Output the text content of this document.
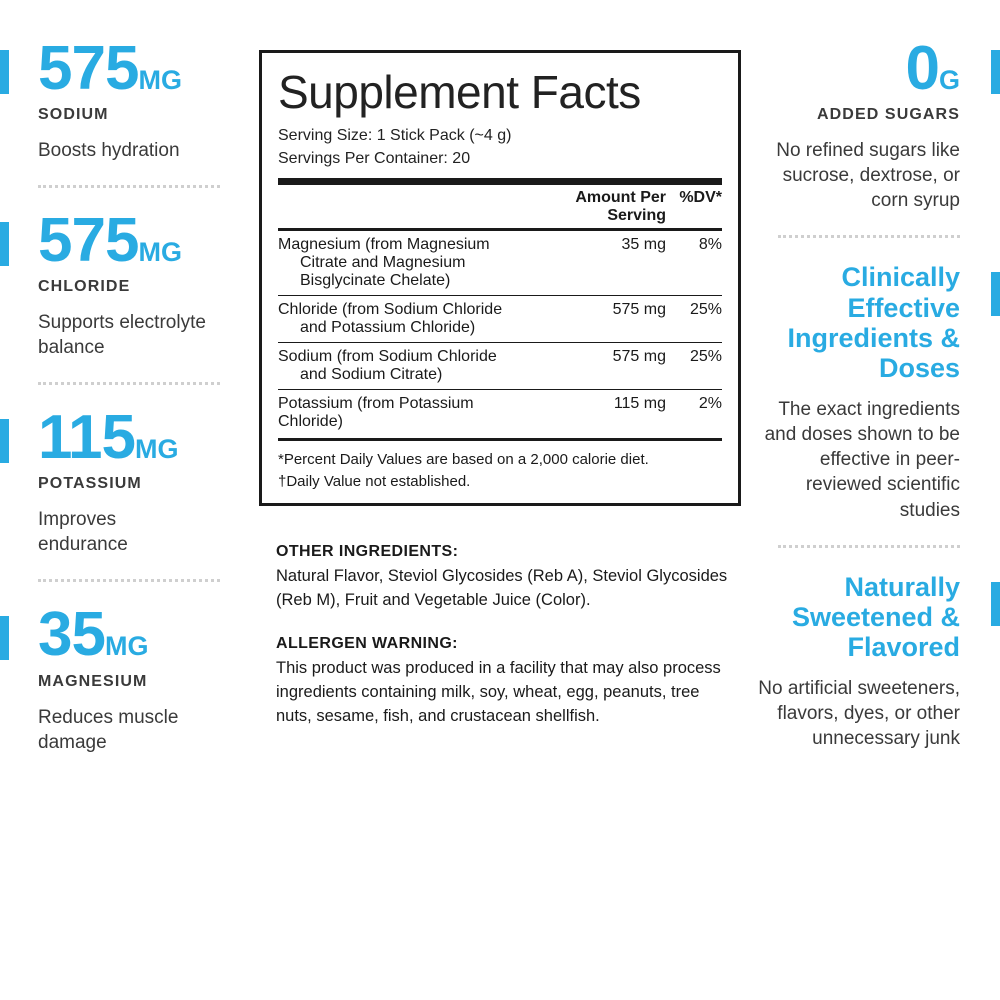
575MG
SODIUM
Boosts hydration
575MG
CHLORIDE
Supports electrolyte balance
115MG
POTASSIUM
Improves endurance
35MG
MAGNESIUM
Reduces muscle damage
0G
ADDED SUGARS
No refined sugars like sucrose, dextrose, or corn syrup
Clinically Effective Ingredients & Doses
The exact ingredients and doses shown to be effective in peer-reviewed scientific studies
Naturally Sweetened & Flavored
No artificial sweeteners, flavors, dyes, or other unnecessary junk
Supplement Facts
Serving Size: 1 Stick Pack (~4 g)
Servings Per Container: 20
	Amount Per Serving	%DV*
Magnesium (from Magnesium
Citrate and Magnesium
Bisglycinate Chelate)	35 mg	8%
Chloride (from Sodium Chloride
and Potassium Chloride)	575 mg	25%
Sodium (from Sodium Chloride
and Sodium Citrate)	575 mg	25%
Potassium (from Potassium Chloride)	115 mg	2%
*Percent Daily Values are based on a 2,000 calorie diet.
†Daily Value not established.
OTHER INGREDIENTS:
Natural Flavor, Steviol Glycosides (Reb A), Steviol Glycosides (Reb M), Fruit and Vegetable Juice (Color).
ALLERGEN WARNING:
This product was produced in a facility that may also process ingredients containing milk, soy, wheat, egg, peanuts, tree nuts, sesame, fish, and crustacean shellfish.
